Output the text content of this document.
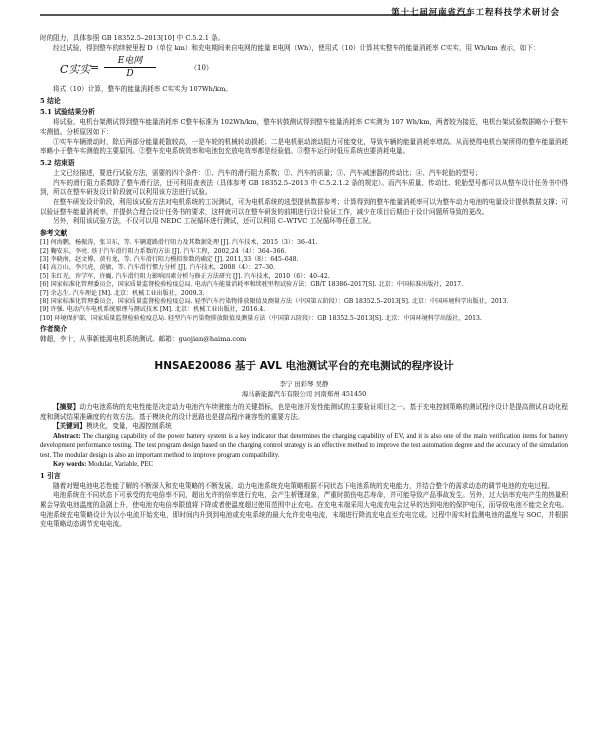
第十七届河南省汽车工程科技学术研讨会

时的阻力，具体参照 GB 18352.5–2013[10] 中 C.5.2.1 条。

经过试验，得到整车的续驶里程 D（单位 km）和充电期间来自电网的能量 E电网（Wh），使用式（10）计算其实整车的能量消耗率 C实实，用 Wh/km 表示，如下：

C实实 =	E电网
D
（10）

将式（10）计算，整车的能量消耗率 C实实为 107Wh/km。

5 结论
5.1 试验结果分析

将试验、电机台架测试得到整车能量消耗率 C整车标准为 102Wh/km，整车转鼓测试得到整车能量消耗率 C实测为 107 Wh/km，两者较为接近，电机台架试验数据略小于整车实测值。分析原因如下：

①实车车辆滚动时，除后两部分能量耗散较高，一是车轮的机械转动损耗；二是电机驱动滚动阻力可能变化，导致车辆的能量消耗率增高。从而使得电机台架所得的整车能量消耗率略小于整车实测值的主要原因。②整车充电系统效率和电池包充放电效率都是经验值。③整车运行时低压系统也要消耗电量。

5.2 结束语

上文已经描述，要进行试验方法，需要的四个条件：①、汽车的滑行阻力系数；②、汽车的质量；③、汽车减速器的传动比；④、汽车轮胎的型号；

汽车的滑行阻力系数除了整车滑行法，还可利用查表法（具体参考 GB 18352.5–2013 中 C.5.2.1.2 条的规定）。而汽车质量、传动比、轮胎型号都可以从整车设计任务书中得到，所以在整车研发设计阶段就可以利用该方法进行试验。

在整车研发设计阶段，利用该试验方法对电机系统的工况测试，可为电机系统的选型提供数据参考；计算得到的整车能量消耗率可以为整车动力电池的电量设计提供数据支撑；可以验证整车能量消耗率，并提供合理合设计任务书的要求，这样就可以在整车研发的前期进行设计验证工作，减少在项目后期由于设计问题所导致的更改。

另外，利用该试验方法，不仅可以用 NEDC 工况循环进行测试，还可以利用 C–WTVC 工况循环等任意工况。

参考文献

[1] 何海鹏，杨振涛，张卫东，等. 车辆道路滑行阻力及其数据处理 [J]. 汽车技术，2015（3）：36–41.

[2] 鞠安东，李亮. 基于汽车滑行阻力系数的方法 [J]. 汽车工程，2002,24（4）：364–366.

[3] 李晓南，赵文博，黄有龙，等. 汽车滑行阻力模拟参数的确定 [J]. 2011,33（8）：645–648.

[4] 高万山，李兴虎，黄敏，等. 汽车滑行惯力分析 [J]. 汽车技术，2008（4）：27–30.

[5] 朱红光，许学军，许巍. 汽车滑行阻力影响因素分析与修正方法研究 [J]. 汽车技术，2010（6）：40–42.

[6] 国家标准化管理委员会，国家质量监督检验检疫总局. 电动汽车能量消耗率和续驶里程试验方法：GB/T 18386–2017[S]. 北京：中国标准出版社，2017.

[7] 余志生. 汽车理论 [M]. 北京：机械工业出版社，2009.3.

[8] 国家标准化管理委员会，国家质量监督检验检疫总局. 轻型汽车污染物排放限值及测量方法（中国第五阶段）：GB 18352.5–2013[S]. 北京：中国环境科学出版社，2013.

[9] 许强. 电动汽车电机系统原理与测试技术 [M]. 北京：机械工业出版社，2016.4.

[10] 环境保护部，国家质量监督检验检疫总局. 轻型汽车污染物排放限值及测量方法（中国第五阶段）：GB 18352.5–2013[S]. 北京：中国环境科学出版社，2013.

作者简介

韩超，李十，从事新能源电机系统测试。邮箱：guojian@haima.com

HNSAE20086 基于 AVL 电池测试平台的充电测试的程序设计
李宁 田彩琴 吴静
海马新能源汽车有限公司 河南郑州 451450

【摘要】动力电池系统的充电性能是决定动力电池汽车续驶能力的关键指标，也是电池开发性能测试的主要验证项目之一。基于充电控制策略的测试程序设计是提高测试自动化程度和测试结果准确度的有效方法。基于模块化的设计思路也是提高程序兼容性的重要方法。

【关键词】模块化，变量，电源控制系统

Abstract: The charging capability of the power battery system is a key indicator that determines the charging capability of EV, and it is also one of the main verification items for battery development performance testing. The test program design based on the charging control strategy is an effective method to improve the test automation degree and the accuracy of the simulation test. The modular design is also an important method to improve program compatibility.

Key words: Modular, Variable, PEC

1 引言

随着对锂电池电芯性能了解的不断深入和充电策略的不断发展，动力电池系统充电策略根据不同状态下电池系统的充电能力，并结合整个的需求动态的调节电池的充电过程。

电池系统在不同状态下可承受的充电倍率不同，超出允许的倍率进行充电，会产生析锂现象，严重时损伤电芯寿命，并可能导致产品事故发生。另外，过大倍率充电产生的热量积累会导致电池温度的急剧上升，使电池充电倍率限值将下降或者使温度超过使用范围中止充电。在充电末端采用大电流充电会过早的达到电池的保护电压，而导致电池不能完全充电。电池系统充电策略设计为以小电流开始充电，即时间内升到到电池或充电系统的最大允许充电电流，末端进行降流充电直至充电完成。过程中需实时监测电池的温度与 SOC，并根据充电策略动态调节充电电流。
